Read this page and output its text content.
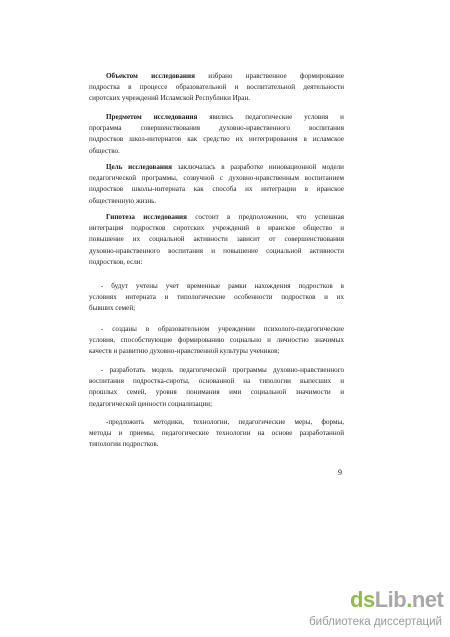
Объектом исследования избрано нравственное формирование
подростка в процессе образовательной и воспитательной деятельности
сиротских учреждений Исламской Республики Иран.
Предметом исследования явились педагогические условия и
программа совершенствования духовно-нравственного воспитания
подростков школ-интернатов как средство их интегрирования в исламское
общество.
Цель исследования заключалась в разработке инновационной модели
педагогической программы, созвучной с духовно-нравственным воспитанием
подростков школы-интерната как способа их интеграции в иранское
общественную жизнь.
Гипотеза исследования состоит в предположении, что успешная
интеграция подростков сиротских учреждений в иранское общество и
повышение их социальной активности зависит от совершенствования
духовно-нравственного воспитания и повышение социальной активности
подростков, если:
- будут учтены учет временные рамки нахождения подростков в
условиях интерната и типологические особенности подростков и их
бывших семей;
- созданы в образовательном учреждении психолого-педагогические
условия, способствующие формированию социально и личностно значимых
качеств и развитию духовно-нравственной культуры учеников;
- разработать модель педагогической программы духовно-нравственного
воспитания подростка-сироты, основанной на типологии выпесших и
прошлых семей, уровня понимания ими социальной значимости и
педагогической ценности социализации;
-предложить методики, технологии, педагогические меры, формы,
методы и приемы, педагогические технологии на основе разработанной
типологии подростков.
9
dsLib.net
библиотека диссертаций
